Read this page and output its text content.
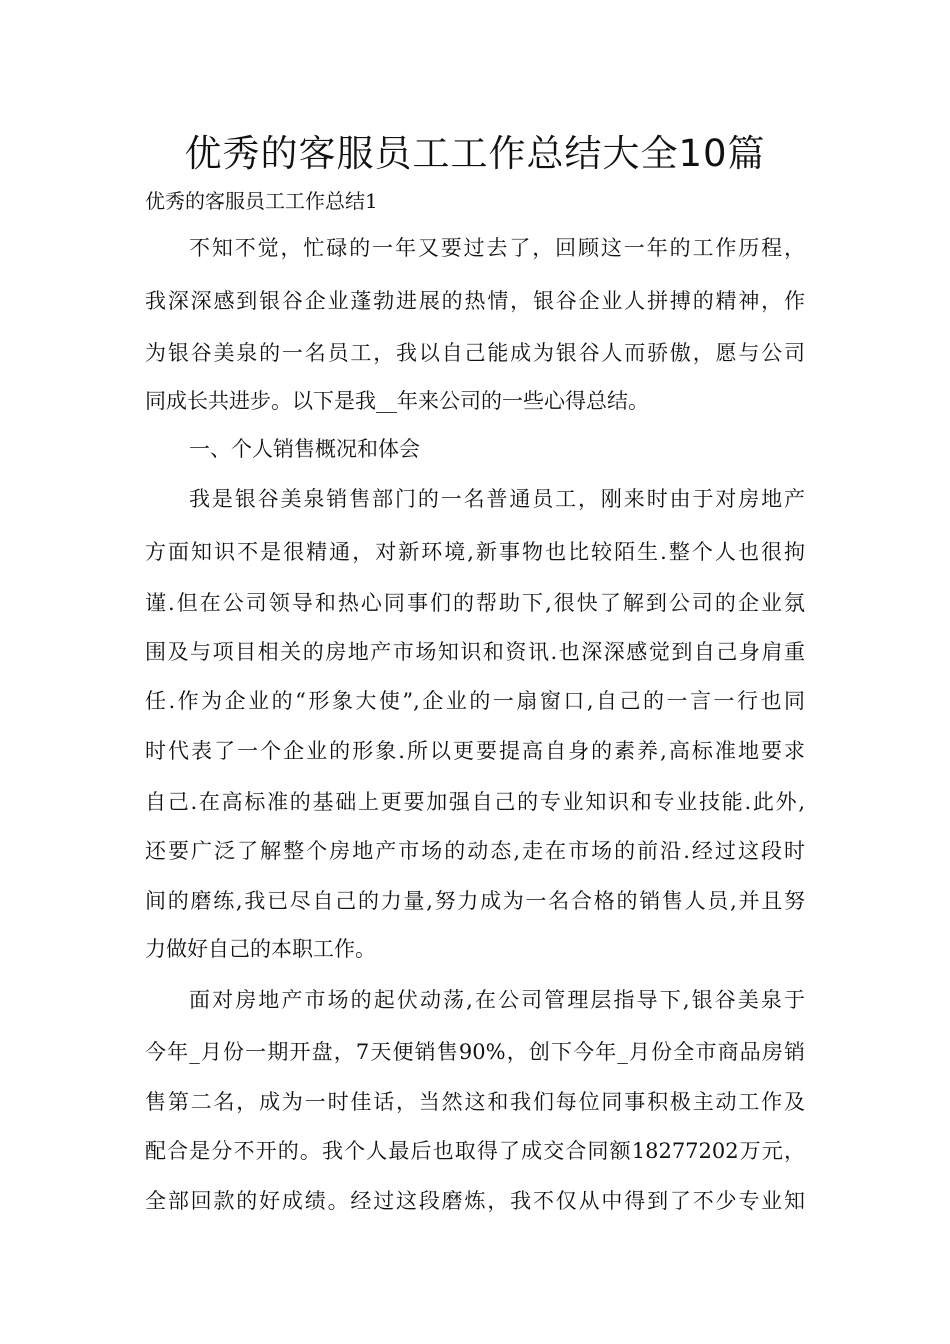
优秀的客服员工工作总结大全10篇
优秀的客服员工工作总结1
不知不觉，忙碌的一年又要过去了，回顾这一年的工作历程，
我深深感到银谷企业蓬勃进展的热情，银谷企业人拼搏的精神，作
为银谷美泉的一名员工，我以自己能成为银谷人而骄傲，愿与公司
同成长共进步。以下是我__年来公司的一些心得总结。
一、个人销售概况和体会
我是银谷美泉销售部门的一名普通员工，刚来时由于对房地产
方面知识不是很精通，对新环境,新事物也比较陌生.整个人也很拘
谨.但在公司领导和热心同事们的帮助下,很快了解到公司的企业氛
围及与项目相关的房地产市场知识和资讯.也深深感觉到自己身肩重
任.作为企业的“形象大使”,企业的一扇窗口,自己的一言一行也同
时代表了一个企业的形象.所以更要提高自身的素养,高标准地要求
自己.在高标准的基础上更要加强自己的专业知识和专业技能.此外,
还要广泛了解整个房地产市场的动态,走在市场的前沿.经过这段时
间的磨练,我已尽自己的力量,努力成为一名合格的销售人员,并且努
力做好自己的本职工作。
面对房地产市场的起伏动荡,在公司管理层指导下,银谷美泉于
今年_月份一期开盘，7天便销售90%，创下今年_月份全市商品房销
售第二名，成为一时佳话，当然这和我们每位同事积极主动工作及
配合是分不开的。我个人最后也取得了成交合同额18277202万元，
全部回款的好成绩。经过这段磨炼，我不仅从中得到了不少专业知
